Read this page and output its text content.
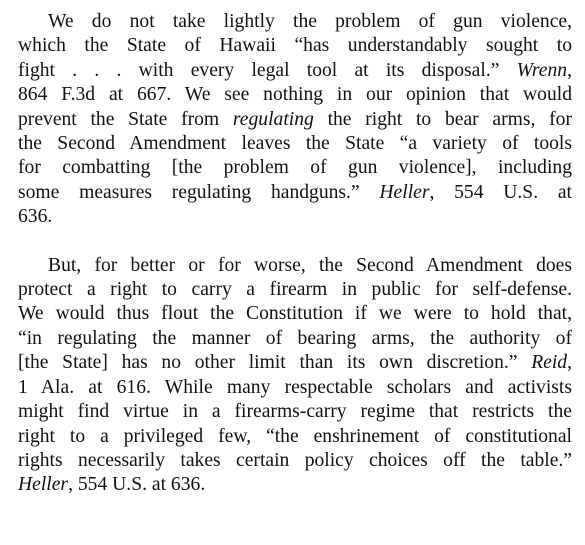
We do not take lightly the problem of gun violence,
which the State of Hawaii “has understandably sought to
fight . . . with every legal tool at its disposal.” Wrenn,
864 F.3d at 667. We see nothing in our opinion that would
prevent the State from regulating the right to bear arms, for
the Second Amendment leaves the State “a variety of tools
for combatting [the problem of gun violence], including
some measures regulating handguns.” Heller, 554 U.S. at
636.

But, for better or for worse, the Second Amendment does
protect a right to carry a firearm in public for self-defense.
We would thus flout the Constitution if we were to hold that,
“in regulating the manner of bearing arms, the authority of
[the State] has no other limit than its own discretion.” Reid,
1 Ala. at 616. While many respectable scholars and activists
might find virtue in a firearms-carry regime that restricts the
right to a privileged few, “the enshrinement of constitutional
rights necessarily takes certain policy choices off the table.”
Heller, 554 U.S. at 636.
